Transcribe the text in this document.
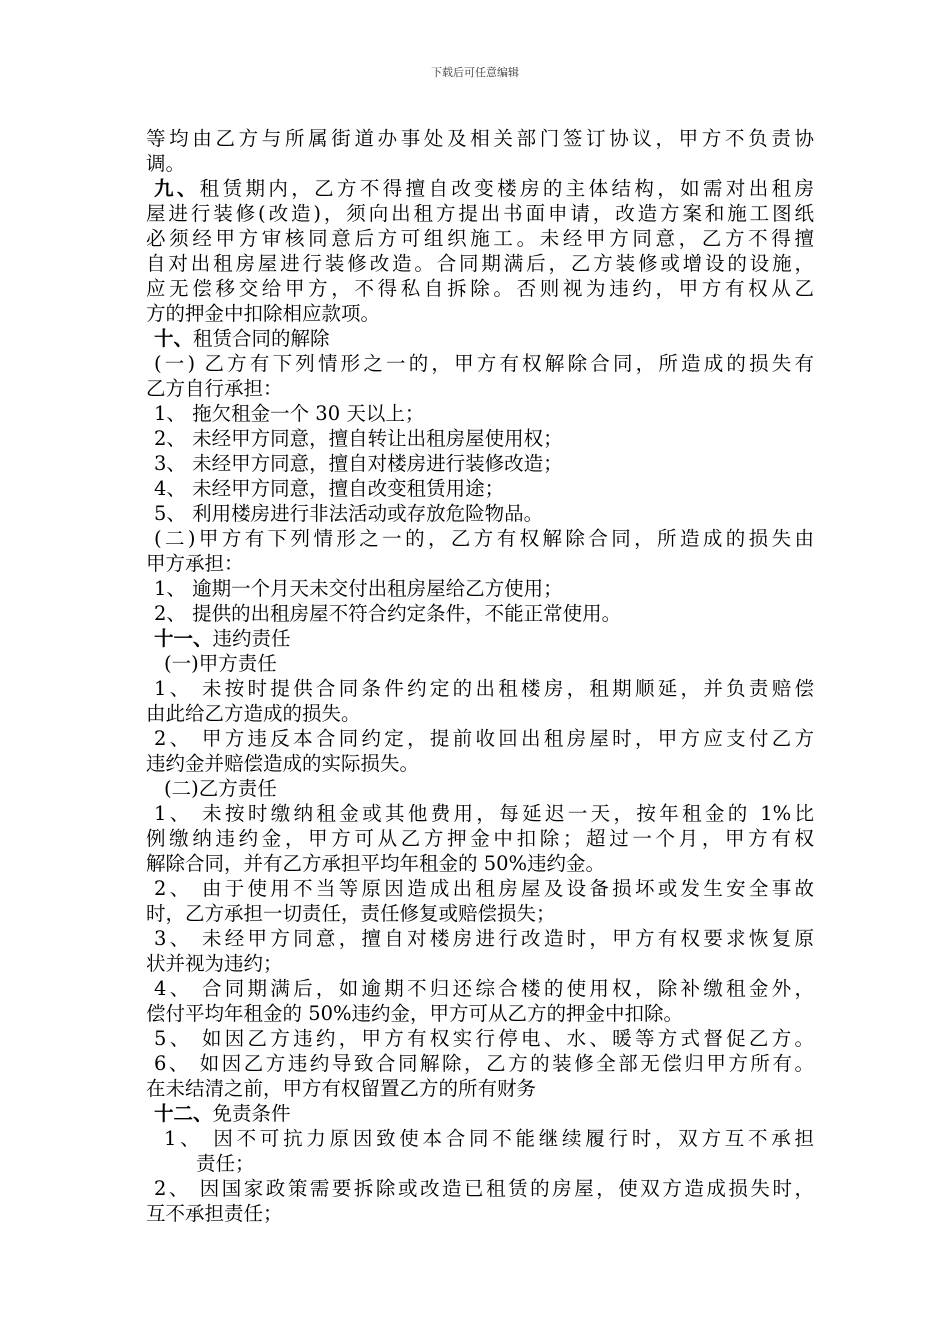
下载后可任意编辑
等均由乙方与所属街道办事处及相关部门签订协议，甲方不负责协
调。
九、租赁期内，乙方不得擅自改变楼房的主体结构，如需对出租房
屋进行装修(改造)，须向出租方提出书面申请，改造方案和施工图纸
必须经甲方审核同意后方可组织施工。未经甲方同意，乙方不得擅
自对出租房屋进行装修改造。合同期满后，乙方装修或增设的设施，
应无偿移交给甲方，不得私自拆除。否则视为违约，甲方有权从乙
方的押金中扣除相应款项。
十、租赁合同的解除
(一) 乙方有下列情形之一的，甲方有权解除合同，所造成的损失有
乙方自行承担：
1、 拖欠租金一个 30 天以上；
2、 未经甲方同意，擅自转让出租房屋使用权；
3、 未经甲方同意，擅自对楼房进行装修改造；
4、 未经甲方同意，擅自改变租赁用途；
5、 利用楼房进行非法活动或存放危险物品。
(二)甲方有下列情形之一的，乙方有权解除合同，所造成的损失由
甲方承担：
1、 逾期一个月天未交付出租房屋给乙方使用；
2、 提供的出租房屋不符合约定条件，不能正常使用。
十一、违约责任
(一)甲方责任
1、 未按时提供合同条件约定的出租楼房，租期顺延，并负责赔偿
由此给乙方造成的损失。
2、 甲方违反本合同约定，提前收回出租房屋时，甲方应支付乙方
违约金并赔偿造成的实际损失。
(二)乙方责任
1、 未按时缴纳租金或其他费用，每延迟一天，按年租金的 1%比
例缴纳违约金，甲方可从乙方押金中扣除；超过一个月，甲方有权
解除合同，并有乙方承担平均年租金的 50%违约金。
2、 由于使用不当等原因造成出租房屋及设备损坏或发生安全事故
时，乙方承担一切责任，责任修复或赔偿损失；
3、 未经甲方同意，擅自对楼房进行改造时，甲方有权要求恢复原
状并视为违约；
4、 合同期满后，如逾期不归还综合楼的使用权，除补缴租金外，
偿付平均年租金的 50%违约金，甲方可从乙方的押金中扣除。
5、 如因乙方违约，甲方有权实行停电、水、暖等方式督促乙方。
6、 如因乙方违约导致合同解除，乙方的装修全部无偿归甲方所有。
在未结清之前，甲方有权留置乙方的所有财务
十二、免责条件
1、 因不可抗力原因致使本合同不能继续履行时，双方互不承担
责任；
2、 因国家政策需要拆除或改造已租赁的房屋，使双方造成损失时，
互不承担责任；
